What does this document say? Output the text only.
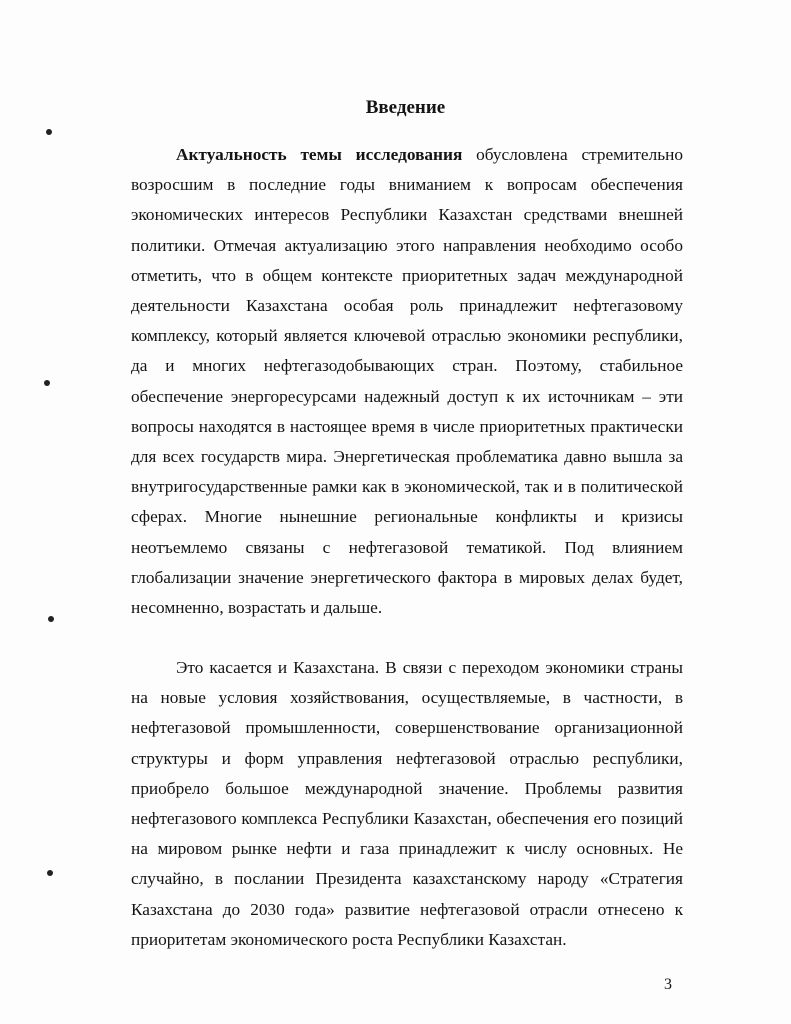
Введение

Актуальность темы исследования обусловлена стремительно возросшим в последние годы вниманием к вопросам обеспечения экономических интересов Республики Казахстан средствами внешней политики. Отмечая актуализацию этого направления необходимо особо отметить, что в общем контексте приоритетных задач международной деятельности Казахстана особая роль принадлежит нефтегазовому комплексу, который является ключевой отраслью экономики республики, да и многих нефтегазодобывающих стран. Поэтому, стабильное обеспечение энергоресурсами надежный доступ к их источникам – эти вопросы находятся в настоящее время в числе приоритетных практически для всех государств мира. Энергетическая проблематика давно вышла за внутригосударственные рамки как в экономической, так и в политической сферах. Многие нынешние региональные конфликты и кризисы неотъемлемо связаны с нефтегазовой тематикой. Под влиянием глобализации значение энергетического фактора в мировых делах будет, несомненно, возрастать и дальше.

Это касается и Казахстана. В связи с переходом экономики страны на новые условия хозяйствования, осуществляемые, в частности, в нефтегазовой промышленности, совершенствование организационной структуры и форм управления нефтегазовой отраслью республики, приобрело большое международной значение. Проблемы развития нефтегазового комплекса Республики Казахстан, обеспечения его позиций на мировом рынке нефти и газа принадлежит к числу основных. Не случайно, в послании Президента казахстанскому народу «Стратегия Казахстана до 2030 года» развитие нефтегазовой отрасли отнесено к приоритетам экономического роста Республики Казахстан.

3
